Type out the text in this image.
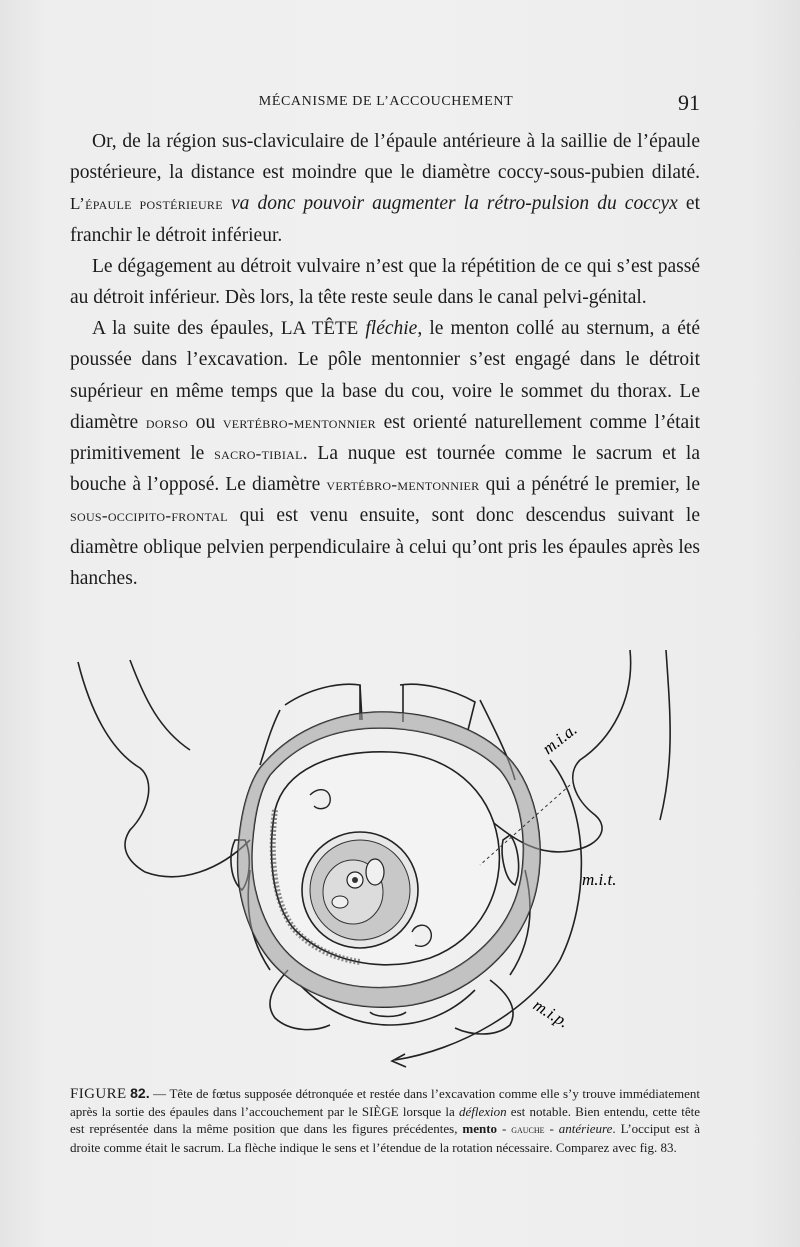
MÉCANISME DE L’ACCOUCHEMENT	91

Or, de la région sus-claviculaire de l’épaule antérieure à la saillie de l’épaule postérieure, la distance est moindre que le diamètre coccy-sous-pubien dilaté. L’épaule postérieure va donc pouvoir augmenter la rétro-pulsion du coccyx et franchir le détroit inférieur.

Le dégagement au détroit vulvaire n’est que la répétition de ce qui s’est passé au détroit inférieur. Dès lors, la tête reste seule dans le canal pelvi-génital.

A la suite des épaules, LA TÊTE fléchie, le menton collé au sternum, a été poussée dans l’excavation. Le pôle mentonnier s’est engagé dans le détroit supérieur en même temps que la base du cou, voire le sommet du thorax. Le diamètre dorso ou vertébro-mentonnier est orienté naturellement comme l’était primitivement le sacro-tibial. La nuque est tournée comme le sacrum et la bouche à l’opposé. Le diamètre vertébro-mentonnier qui a pénétré le premier, le sous-occipito-frontal qui est venu ensuite, sont donc descendus suivant le diamètre oblique pelvien perpendiculaire à celui qu’ont pris les épaules après les hanches.

m.i.a.
m.i.t.
m.i.p.
FIGURE 82. — Tête de fœtus supposée détronquée et restée dans l’excavation comme elle s’y trouve immédiatement après la sortie des épaules dans l’accouchement par le SIÈGE lorsque la déflexion est notable. Bien entendu, cette tête est représentée dans la même position que dans les figures précédentes, mento - gauche - antérieure. L’occiput est à droite comme était le sacrum. La flèche indique le sens et l’étendue de la rotation nécessaire. Comparez avec fig. 83.
